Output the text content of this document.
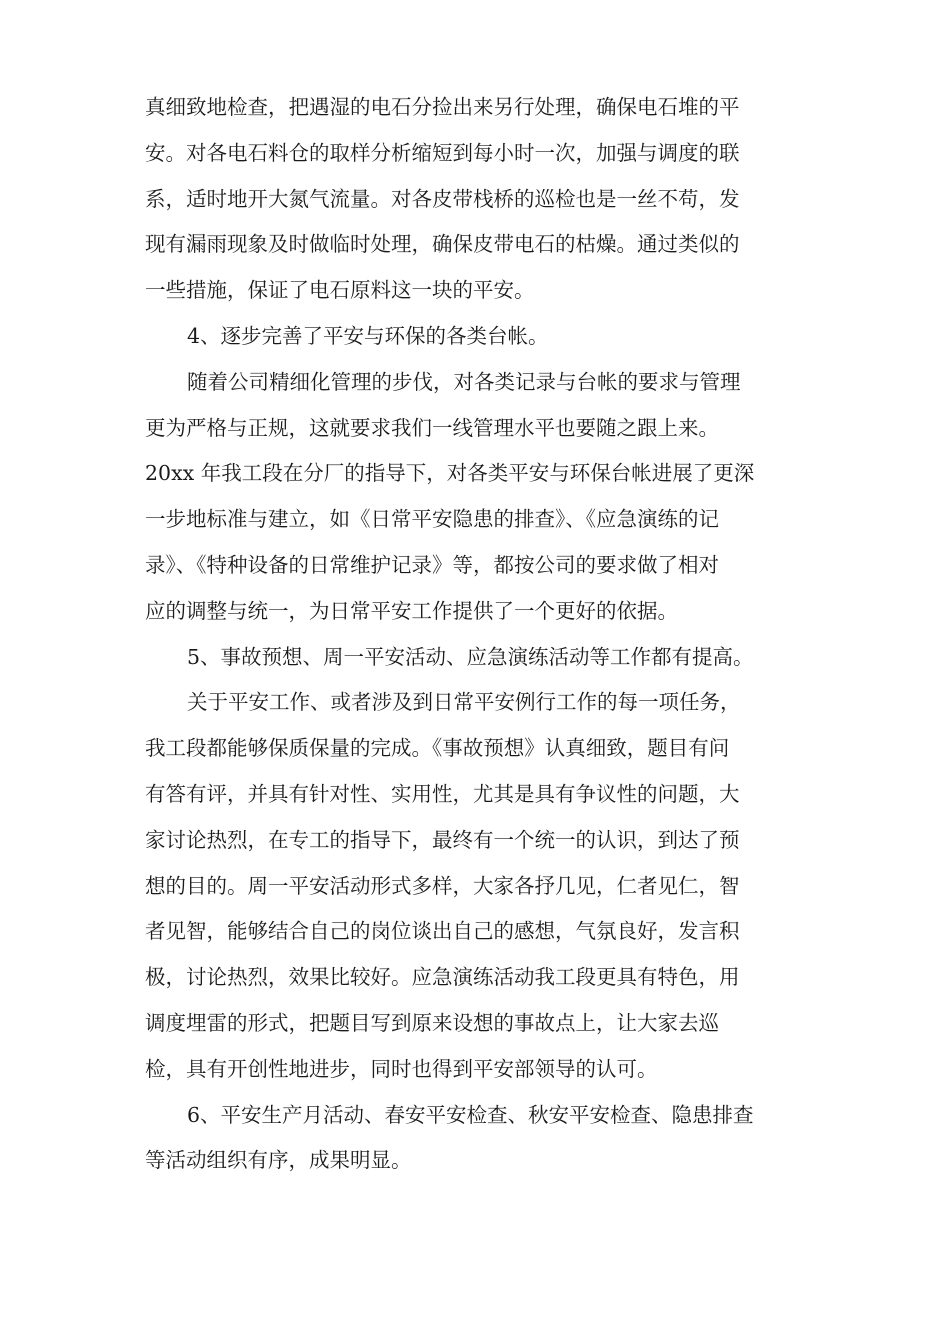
真细致地检查，把遇湿的电石分捡出来另行处理，确保电石堆的平
安。对各电石料仓的取样分析缩短到每小时一次，加强与调度的联
系，适时地开大氮气流量。对各皮带栈桥的巡检也是一丝不苟，发
现有漏雨现象及时做临时处理，确保皮带电石的枯燥。通过类似的
一些措施，保证了电石原料这一块的平安。
4、逐步完善了平安与环保的各类台帐。
随着公司精细化管理的步伐，对各类记录与台帐的要求与管理
更为严格与正规，这就要求我们一线管理水平也要随之跟上来。
20xx 年我工段在分厂的指导下，对各类平安与环保台帐进展了更深
一步地标准与建立，如《日常平安隐患的排查》、《应急演练的记
录》、《特种设备的日常维护记录》等，都按公司的要求做了相对
应的调整与统一，为日常平安工作提供了一个更好的依据。
5、事故预想、周一平安活动、应急演练活动等工作都有提高。
关于平安工作、或者涉及到日常平安例行工作的每一项任务，
我工段都能够保质保量的完成。《事故预想》认真细致，题目有问
有答有评，并具有针对性、实用性，尤其是具有争议性的问题，大
家讨论热烈，在专工的指导下，最终有一个统一的认识，到达了预
想的目的。周一平安活动形式多样，大家各抒几见，仁者见仁，智
者见智，能够结合自己的岗位谈出自己的感想，气氛良好，发言积
极，讨论热烈，效果比较好。应急演练活动我工段更具有特色，用
调度埋雷的形式，把题目写到原来设想的事故点上，让大家去巡
检，具有开创性地进步，同时也得到平安部领导的认可。
6、平安生产月活动、春安平安检查、秋安平安检查、隐患排查
等活动组织有序，成果明显。
